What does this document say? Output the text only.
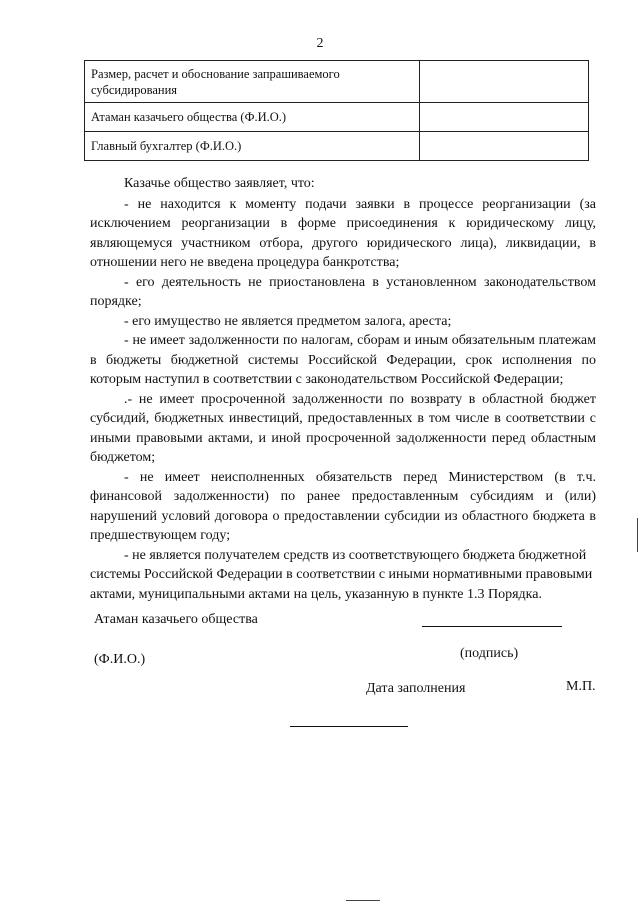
2
Размер, расчет и обоснование запрашиваемого субсидирования	
Атаман казачьего общества (Ф.И.О.)	
Главный бухгалтер (Ф.И.О.)	

Казачье общество заявляет, что:

- не находится к моменту подачи заявки в процессе реорганизации (за исключением реорганизации в форме присоединения к юридическому лицу, являющемуся участником отбора, другого юридического лица), ликвидации, в отношении него не введена процедура банкротства;

- его деятельность не приостановлена в установленном законодательством порядке;

- его имущество не является предметом залога, ареста;

- не имеет задолженности по налогам, сборам и иным обязательным платежам в бюджеты бюджетной системы Российской Федерации, срок исполнения по которым наступил в соответствии с законодательством Российской Федерации;

.- не имеет просроченной задолженности по возврату в областной бюджет субсидий, бюджетных инвестиций, предоставленных в том числе в соответствии с иными правовыми актами, и иной просроченной задолженности перед областным бюджетом;

- не имеет неисполненных обязательств перед Министерством (в т.ч. финансовой задолженности) по ранее предоставленным субсидиям и (или) нарушений условий договора о предоставлении субсидии из областного бюджета в предшествующем году;

- не является получателем средств из соответствующего бюджета бюджетной системы Российской Федерации в соответствии с иными нормативными правовыми актами, муниципальными актами на цель, указанную в пункте 1.3 Порядка.

Атаман казачьего общества
(Ф.И.О.)	(подпись)
Дата заполнения	М.П.
